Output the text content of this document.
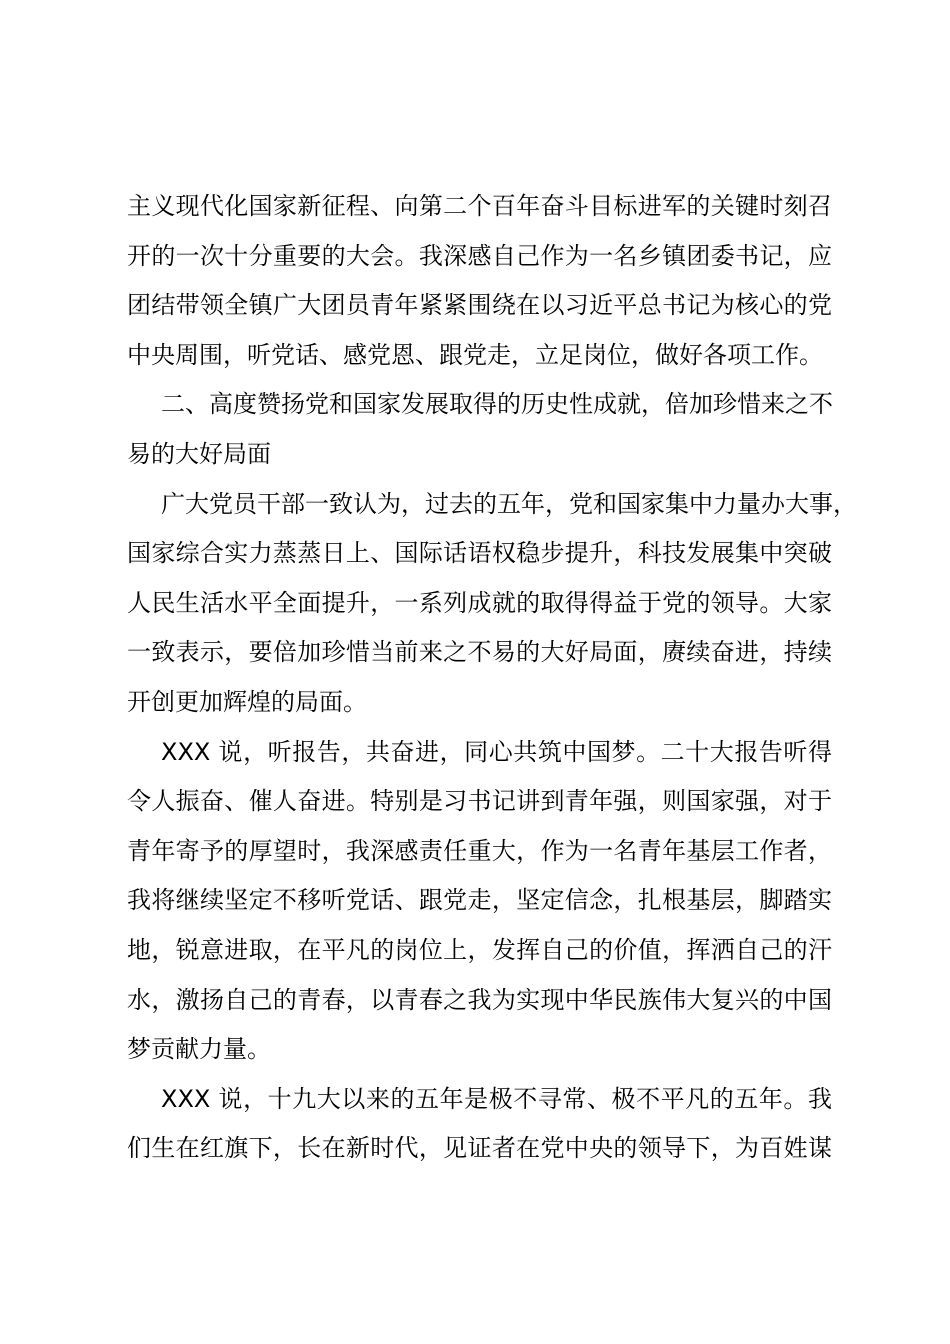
主义现代化国家新征程、向第二个百年奋斗目标进军的关键时刻召
开的一次十分重要的大会。我深感自己作为一名乡镇团委书记，应
团结带领全镇广大团员青年紧紧围绕在以习近平总书记为核心的党
中央周围，听党话、感党恩、跟党走，立足岗位，做好各项工作。
二、高度赞扬党和国家发展取得的历史性成就，倍加珍惜来之不
易的大好局面
广大党员干部一致认为，过去的五年，党和国家集中力量办大事，
国家综合实力蒸蒸日上、国际话语权稳步提升，科技发展集中突破
人民生活水平全面提升，一系列成就的取得得益于党的领导。大家
一致表示，要倍加珍惜当前来之不易的大好局面，赓续奋进，持续
开创更加辉煌的局面。
XXX 说，听报告，共奋进，同心共筑中国梦。二十大报告听得
令人振奋、催人奋进。特别是习书记讲到青年强，则国家强，对于
青年寄予的厚望时，我深感责任重大，作为一名青年基层工作者，
我将继续坚定不移听党话、跟党走，坚定信念，扎根基层，脚踏实
地，锐意进取，在平凡的岗位上，发挥自己的价值，挥洒自己的汗
水，激扬自己的青春，以青春之我为实现中华民族伟大复兴的中国
梦贡献力量。
XXX 说，十九大以来的五年是极不寻常、极不平凡的五年。我
们生在红旗下，长在新时代，见证者在党中央的领导下，为百姓谋
